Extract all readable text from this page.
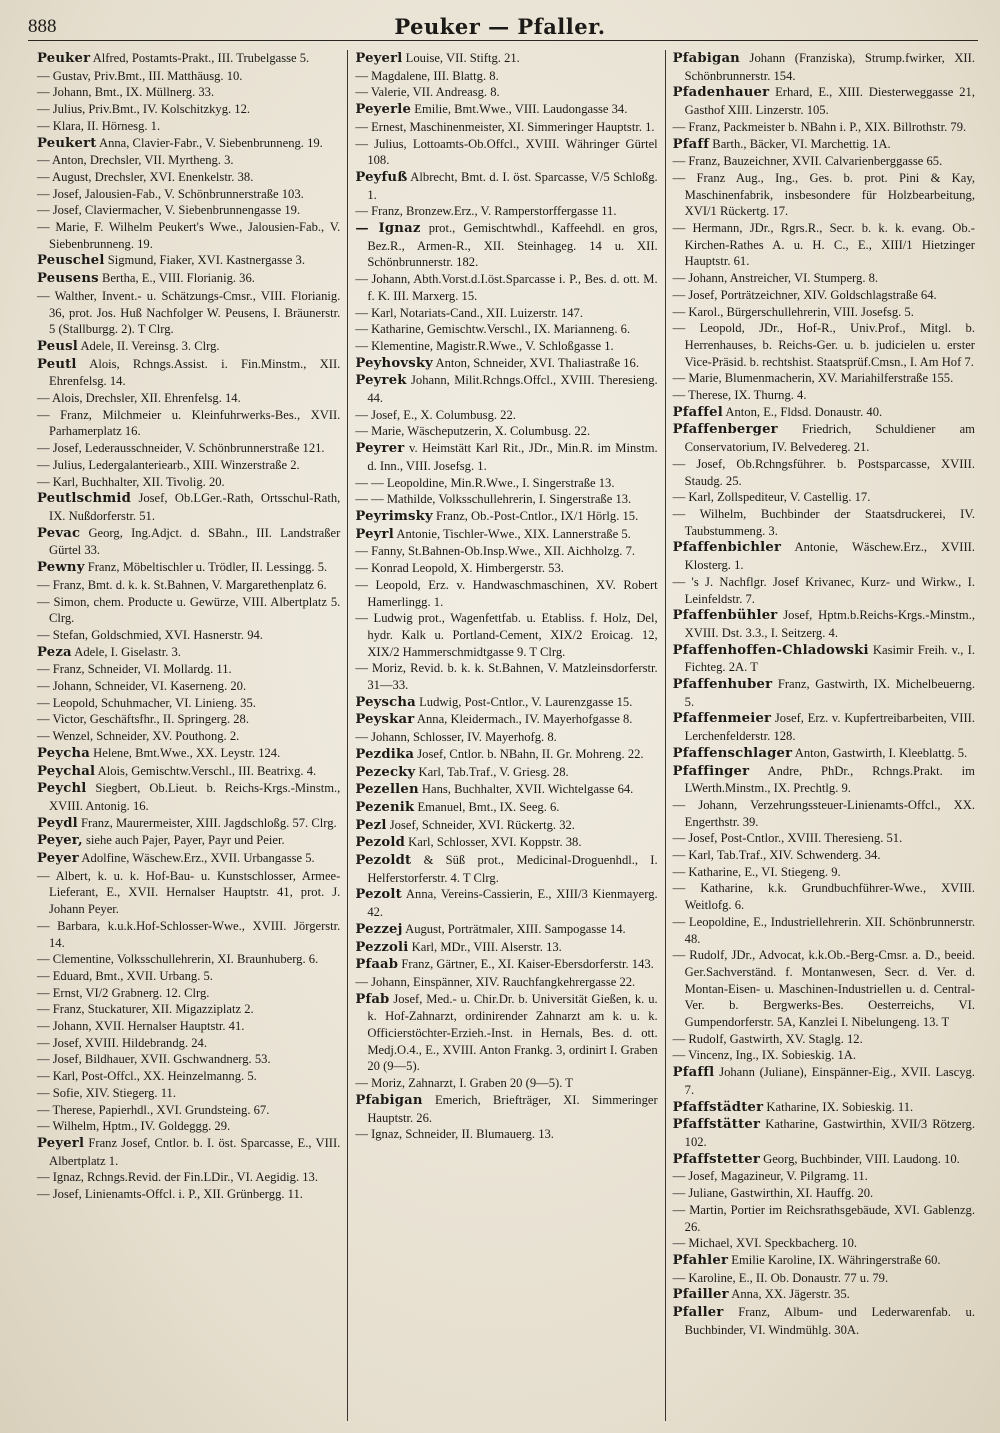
888	Peuker — Pfaller.

Peuker Alfred, Postamts-Prakt., III. Trubelgasse 5.

— Gustav, Priv.Bmt., III. Matthäusg. 10.

— Johann, Bmt., IX. Müllnerg. 33.

— Julius, Priv.Bmt., IV. Kolschitzkyg. 12.

— Klara, II. Hörnesg. 1.

Peukert Anna, Clavier-Fabr., V. Siebenbrunneng. 19.

— Anton, Drechsler, VII. Myrtheng. 3.

— August, Drechsler, XVI. Enenkelstr. 38.

— Josef, Jalousien-Fab., V. Schönbrunnerstraße 103.

— Josef, Claviermacher, V. Siebenbrunnengasse 19.

— Marie, F. Wilhelm Peukert's Wwe., Jalousien-Fab., V. Siebenbrunneng. 19.

Peuschel Sigmund, Fiaker, XVI. Kastnergasse 3.

Peusens Bertha, E., VIII. Florianig. 36.

— Walther, Invent.- u. Schätzungs-Cmsr., VIII. Florianig. 36, prot. Jos. Huß Nachfolger W. Peusens, I. Bräunerstr. 5 (Stallburgg. 2). T Clrg.

Peusl Adele, II. Vereinsg. 3. Clrg.

Peutl Alois, Rchngs.Assist. i. Fin.Minstm., XII. Ehrenfelsg. 14.

— Alois, Drechsler, XII. Ehrenfelsg. 14.

— Franz, Milchmeier u. Kleinfuhrwerks-Bes., XVII. Parhamerplatz 16.

— Josef, Lederausschneider, V. Schönbrunnerstraße 121.

— Julius, Ledergalanteriearb., XIII. Winzerstraße 2.

— Karl, Buchhalter, XII. Tivolig. 20.

Peutlschmid Josef, Ob.LGer.-Rath, Ortsschul-Rath, IX. Nußdorferstr. 51.

Pevac Georg, Ing.Adjct. d. SBahn., III. Landstraßer Gürtel 33.

Pewny Franz, Möbeltischler u. Trödler, II. Lessingg. 5.

— Franz, Bmt. d. k. k. St.Bahnen, V. Margarethenplatz 6.

— Simon, chem. Producte u. Gewürze, VIII. Albertplatz 5. Clrg.

— Stefan, Goldschmied, XVI. Hasnerstr. 94.

Peza Adele, I. Giselastr. 3.

— Franz, Schneider, VI. Mollardg. 11.

— Johann, Schneider, VI. Kaserneng. 20.

— Leopold, Schuhmacher, VI. Linieng. 35.

— Victor, Geschäftsfhr., II. Springerg. 28.

— Wenzel, Schneider, XV. Pouthong. 2.

Peycha Helene, Bmt.Wwe., XX. Leystr. 124.

Peychal Alois, Gemischtw.Verschl., III. Beatrixg. 4.

Peychl Siegbert, Ob.Lieut. b. Reichs-Krgs.-Minstm., XVIII. Antonig. 16.

Peydl Franz, Maurermeister, XIII. Jagdschloßg. 57. Clrg.

Peyer, siehe auch Pajer, Payer, Payr und Peier.

Peyer Adolfine, Wäschew.Erz., XVII. Urbangasse 5.

— Albert, k. u. k. Hof-Bau- u. Kunstschlosser, Armee-Lieferant, E., XVII. Hernalser Hauptstr. 41, prot. J. Johann Peyer.

— Barbara, k.u.k.Hof-Schlosser-Wwe., XVIII. Jörgerstr. 14.

— Clementine, Volksschullehrerin, XI. Braunhuberg. 6.

— Eduard, Bmt., XVII. Urbang. 5.

— Ernst, VI/2 Grabnerg. 12. Clrg.

— Franz, Stuckaturer, XII. Migazziplatz 2.

— Johann, XVII. Hernalser Hauptstr. 41.

— Josef, XVIII. Hildebrandg. 24.

— Josef, Bildhauer, XVII. Gschwandnerg. 53.

— Karl, Post-Offcl., XX. Heinzelmanng. 5.

— Sofie, XIV. Stiegerg. 11.

— Therese, Papierhdl., XVI. Grundsteing. 67.

— Wilhelm, Hptm., IV. Goldeggg. 29.

Peyerl Franz Josef, Cntlor. b. I. öst. Sparcasse, E., VIII. Albertplatz 1.

— Ignaz, Rchngs.Revid. der Fin.LDir., VI. Aegidig. 13.

— Josef, Linienamts-Offcl. i. P., XII. Grünbergg. 11.

Peyerl Louise, VII. Stiftg. 21.

— Magdalene, III. Blattg. 8.

— Valerie, VII. Andreasg. 8.

Peyerle Emilie, Bmt.Wwe., VIII. Laudongasse 34.

— Ernest, Maschinenmeister, XI. Simmeringer Hauptstr. 1.

— Julius, Lottoamts-Ob.Offcl., XVIII. Währinger Gürtel 108.

Peyfuß Albrecht, Bmt. d. I. öst. Sparcasse, V/5 Schloßg. 1.

— Franz, Bronzew.Erz., V. Ramperstorffergasse 11.

— Ignaz prot., Gemischtwhdl., Kaffeehdl. en gros, Bez.R., Armen-R., XII. Steinhageg. 14 u. XII. Schönbrunnerstr. 182.

— Johann, Abth.Vorst.d.I.öst.Sparcasse i. P., Bes. d. ott. M. f. K. III. Marxerg. 15.

— Karl, Notariats-Cand., XII. Luizerstr. 147.

— Katharine, Gemischtw.Verschl., IX. Marianneng. 6.

— Klementine, Magistr.R.Wwe., V. Schloßgasse 1.

Peyhovsky Anton, Schneider, XVI. Thaliastraße 16.

Peyrek Johann, Milit.Rchngs.Offcl., XVIII. Theresieng. 44.

— Josef, E., X. Columbusg. 22.

— Marie, Wäscheputzerin, X. Columbusg. 22.

Peyrer v. Heimstätt Karl Rit., JDr., Min.R. im Minstm. d. Inn., VIII. Josefsg. 1.

— — Leopoldine, Min.R.Wwe., I. Singerstraße 13.

— — Mathilde, Volksschullehrerin, I. Singerstraße 13.

Peyrimsky Franz, Ob.-Post-Cntlor., IX/1 Hörlg. 15.

Peyrl Antonie, Tischler-Wwe., XIX. Lannerstraße 5.

— Fanny, St.Bahnen-Ob.Insp.Wwe., XII. Aichholzg. 7.

— Konrad Leopold, X. Himbergerstr. 53.

— Leopold, Erz. v. Handwaschmaschinen, XV. Robert Hamerlingg. 1.

— Ludwig prot., Wagenfettfab. u. Etabliss. f. Holz, Del, hydr. Kalk u. Portland-Cement, XIX/2 Eroicag. 12, XIX/2 Hammerschmidtgasse 9. T Clrg.

— Moriz, Revid. b. k. k. St.Bahnen, V. Matzleinsdorferstr. 31—33.

Peyscha Ludwig, Post-Cntlor., V. Laurenzgasse 15.

Peyskar Anna, Kleidermach., IV. Mayerhofgasse 8.

— Johann, Schlosser, IV. Mayerhofg. 8.

Pezdika Josef, Cntlor. b. NBahn, II. Gr. Mohreng. 22.

Pezecky Karl, Tab.Traf., V. Griesg. 28.

Pezellen Hans, Buchhalter, XVII. Wichtelgasse 64.

Pezenik Emanuel, Bmt., IX. Seeg. 6.

Pezl Josef, Schneider, XVI. Rückertg. 32.

Pezold Karl, Schlosser, XVI. Koppstr. 38.

Pezoldt & Süß prot., Medicinal-Droguenhdl., I. Helferstorferstr. 4. T Clrg.

Pezolt Anna, Vereins-Cassierin, E., XIII/3 Kienmayerg. 42.

Pezzej August, Porträtmaler, XIII. Sampogasse 14.

Pezzoli Karl, MDr., VIII. Alserstr. 13.

Pfaab Franz, Gärtner, E., XI. Kaiser-Ebersdorferstr. 143.

— Johann, Einspänner, XIV. Rauchfangkehrergasse 22.

Pfab Josef, Med.- u. Chir.Dr. b. Universität Gießen, k. u. k. Hof-Zahnarzt, ordinirender Zahnarzt am k. u. k. Officierstöchter-Erzieh.-Inst. in Hernals, Bes. d. ott. Medj.O.4., E., XVIII. Anton Frankg. 3, ordinirt I. Graben 20 (9—5).

— Moriz, Zahnarzt, I. Graben 20 (9—5). T

Pfabigan Emerich, Briefträger, XI. Simmeringer Hauptstr. 26.

— Ignaz, Schneider, II. Blumauerg. 13.

Pfabigan Johann (Franziska), Strump.fwirker, XII. Schönbrunnerstr. 154.

Pfadenhauer Erhard, E., XIII. Diesterweggasse 21, Gasthof XIII. Linzerstr. 105.

— Franz, Packmeister b. NBahn i. P., XIX. Billrothstr. 79.

Pfaff Barth., Bäcker, VI. Marchettig. 1A.

— Franz, Bauzeichner, XVII. Calvarienberggasse 65.

— Franz Aug., Ing., Ges. b. prot. Pini & Kay, Maschinenfabrik, insbesondere für Holzbearbeitung, XVI/1 Rückertg. 17.

— Hermann, JDr., Rgrs.R., Secr. b. k. k. evang. Ob.-Kirchen-Rathes A. u. H. C., E., XIII/1 Hietzinger Hauptstr. 61.

— Johann, Anstreicher, VI. Stumperg. 8.

— Josef, Porträtzeichner, XIV. Goldschlagstraße 64.

— Karol., Bürgerschullehrerin, VIII. Josefsg. 5.

— Leopold, JDr., Hof-R., Univ.Prof., Mitgl. b. Herrenhauses, b. Reichs-Ger. u. b. judicielen u. erster Vice-Präsid. b. rechtshist. Staatsprüf.Cmsn., I. Am Hof 7.

— Marie, Blumenmacherin, XV. Mariahilferstraße 155.

— Therese, IX. Thurng. 4.

Pfaffel Anton, E., Fldsd. Donaustr. 40.

Pfaffenberger Friedrich, Schuldiener am Conservatorium, IV. Belvedereg. 21.

— Josef, Ob.Rchngsführer. b. Postsparcasse, XVIII. Staudg. 25.

— Karl, Zollspediteur, V. Castellig. 17.

— Wilhelm, Buchbinder der Staatsdruckerei, IV. Taubstummeng. 3.

Pfaffenbichler Antonie, Wäschew.Erz., XVIII. Klosterg. 1.

— 's J. Nachflgr. Josef Krivanec, Kurz- und Wirkw., I. Leinfeldstr. 7.

Pfaffenbühler Josef, Hptm.b.Reichs-Krgs.-Minstm., XVIII. Dst. 3.3., I. Seitzerg. 4.

Pfaffenhoffen-Chladowski Kasimir Freih. v., I. Fichteg. 2A. T

Pfaffenhuber Franz, Gastwirth, IX. Michelbeuerng. 5.

Pfaffenmeier Josef, Erz. v. Kupfertreibarbeiten, VIII. Lerchenfelderstr. 128.

Pfaffenschlager Anton, Gastwirth, I. Kleeblattg. 5.

Pfaffinger Andre, PhDr., Rchngs.Prakt. im LWerth.Minstm., IX. Prechtlg. 9.

— Johann, Verzehrungssteuer-Linienamts-Offcl., XX. Engerthstr. 39.

— Josef, Post-Cntlor., XVIII. Theresieng. 51.

— Karl, Tab.Traf., XIV. Schwenderg. 34.

— Katharine, E., VI. Stiegeng. 9.

— Katharine, k.k. Grundbuchführer-Wwe., XVIII. Weitlofg. 6.

— Leopoldine, E., Industriellehrerin. XII. Schönbrunnerstr. 48.

— Rudolf, JDr., Advocat, k.k.Ob.-Berg-Cmsr. a. D., beeid. Ger.Sachverständ. f. Montanwesen, Secr. d. Ver. d. Montan-Eisen- u. Maschinen-Industriellen u. d. Central-Ver. b. Bergwerks-Bes. Oesterreichs, VI. Gumpendorferstr. 5A, Kanzlei I. Nibelungeng. 13. T

— Rudolf, Gastwirth, XV. Staglg. 12.

— Vincenz, Ing., IX. Sobieskig. 1A.

Pfaffl Johann (Juliane), Einspänner-Eig., XVII. Lascyg. 7.

Pfaffstädter Katharine, IX. Sobieskig. 11.

Pfaffstätter Katharine, Gastwirthin, XVII/3 Rötzerg. 102.

Pfaffstetter Georg, Buchbinder, VIII. Laudong. 10.

— Josef, Magazineur, V. Pilgramg. 11.

— Juliane, Gastwirthin, XI. Hauffg. 20.

— Martin, Portier im Reichsrathsgebäude, XVI. Gablenzg. 26.

— Michael, XVI. Speckbacherg. 10.

Pfahler Emilie Karoline, IX. Währingerstraße 60.

— Karoline, E., II. Ob. Donaustr. 77 u. 79.

Pfailler Anna, XX. Jägerstr. 35.

Pfaller Franz, Album- und Lederwarenfab. u. Buchbinder, VI. Windmühlg. 30A.
